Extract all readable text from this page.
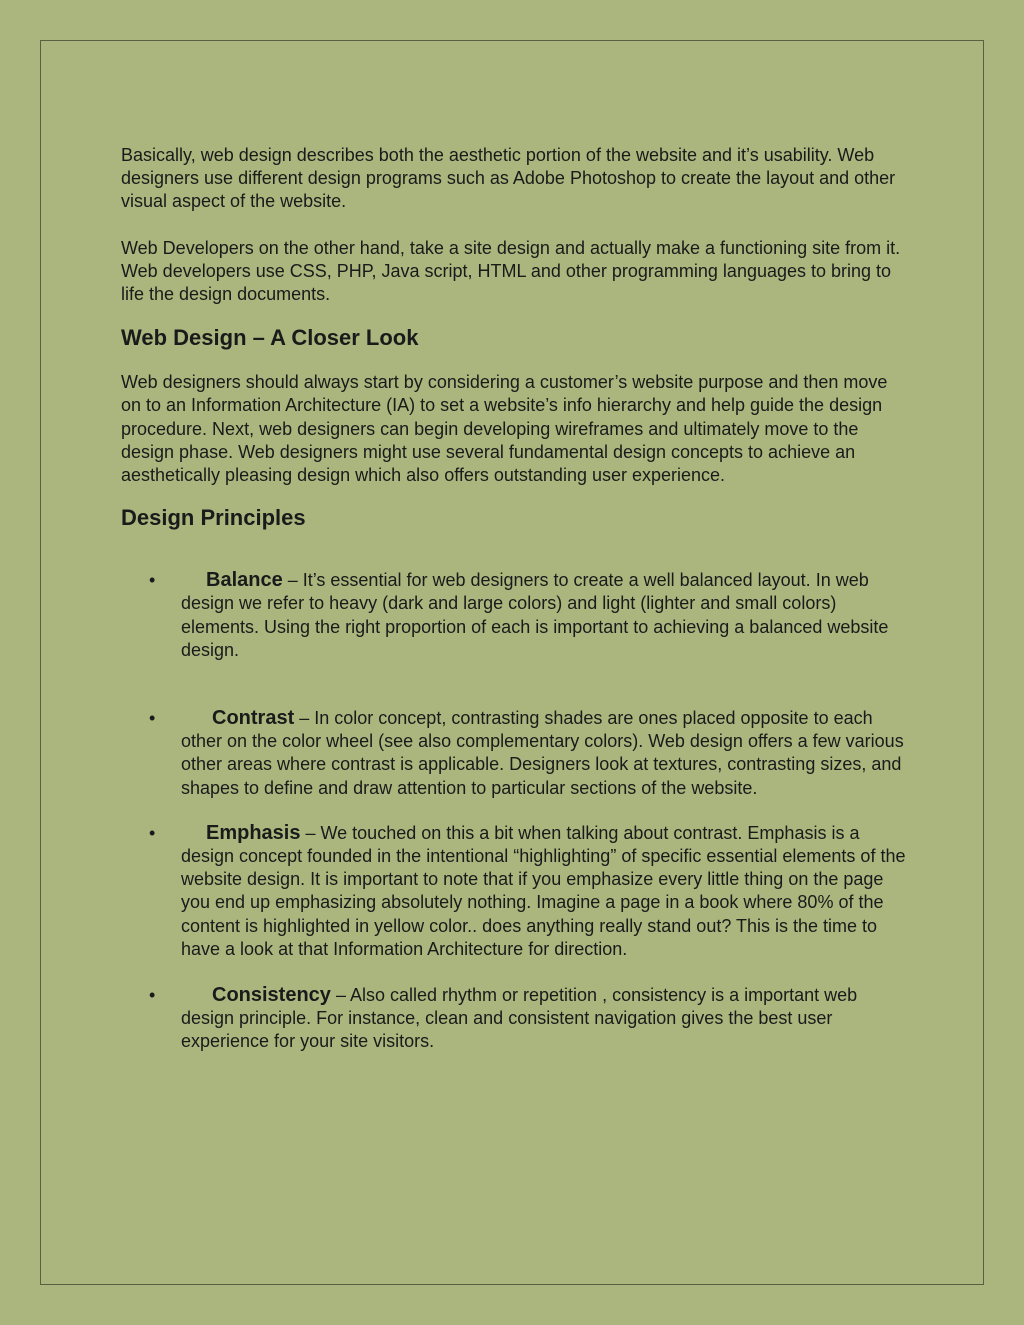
Basically, web design describes both the aesthetic portion of the website and it’s usability. Web designers use different design programs such as Adobe Photoshop to create the layout and other visual aspect of the website.

Web Developers on the other hand, take a site design and actually make a functioning site from it. Web developers use CSS, PHP, Java script, HTML and other programming languages to bring to life the design documents.

Web Design – A Closer Look

Web designers should always start by considering a customer’s website purpose and then move on to an Information Architecture (IA) to set a website’s info hierarchy and help guide the design procedure. Next, web designers can begin developing wireframes and ultimately move to the design phase. Web designers might use several fundamental design concepts to achieve an aesthetically pleasing design which also offers outstanding user experience.

Design Principles
•	Balance – It’s essential for web designers to create a well balanced layout. In web design we refer to heavy (dark and large colors) and light (lighter and small colors) elements. Using the right proportion of each is important to achieving a balanced website design.
•	Contrast – In color concept, contrasting shades are ones placed opposite to each other on the color wheel (see also complementary colors). Web design offers a few various other areas where contrast is applicable. Designers look at textures, contrasting sizes, and shapes to define and draw attention to particular sections of the website.
•	Emphasis – We touched on this a bit when talking about contrast. Emphasis is a design concept founded in the intentional “highlighting” of specific essential elements of the website design. It is important to note that if you emphasize every little thing on the page you end up emphasizing absolutely nothing. Imagine a page in a book where 80% of the content is highlighted in yellow color.. does anything really stand out? This is the time to have a look at that Information Architecture for direction.
•	Consistency – Also called rhythm or repetition , consistency is a important web design principle. For instance, clean and consistent navigation gives the best user experience for your site visitors.
